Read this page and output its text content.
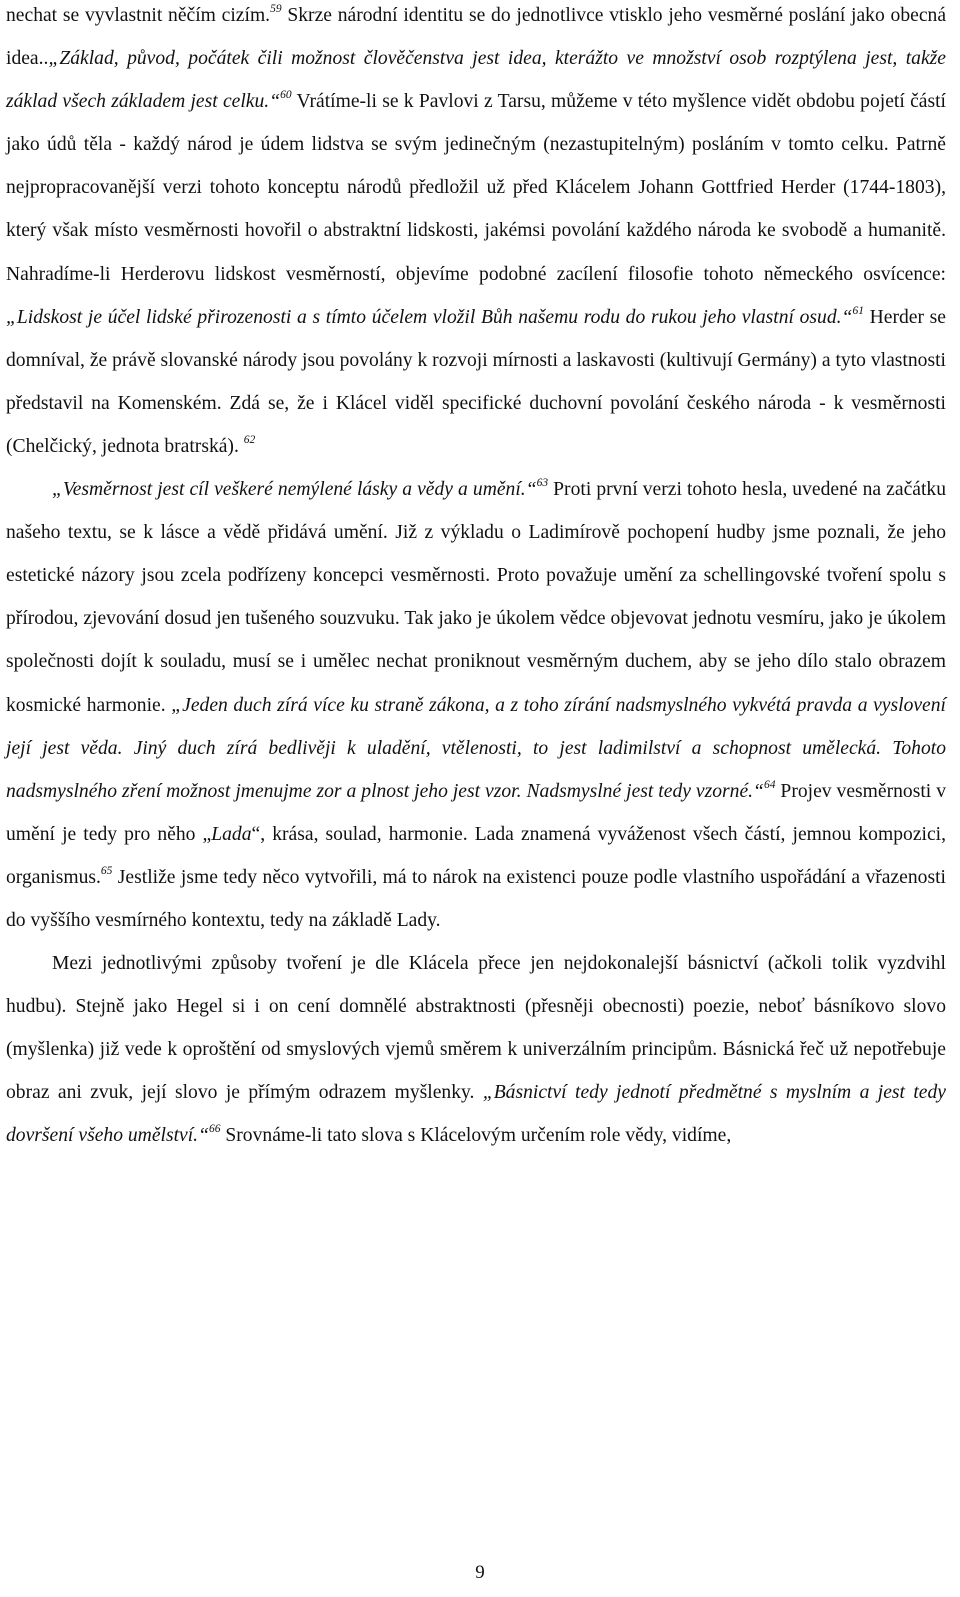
nechat se vyvlastnit něčím cizím.$^{59}$ Skrze národní identitu se do jednotlivce vtisklo jeho vesměrné poslání jako obecná idea..„Základ, původ, počátek čili možnost člověčenstva jest idea, kterážto ve množství osob rozptýlena jest, takže základ všech základem jest celku.“$^{60}$ Vrátíme-li se k Pavlovi z Tarsu, můžeme v této myšlence vidět obdobu pojetí částí jako údů těla - každý národ je údem lidstva se svým jedinečným (nezastupitelným) posláním v tomto celku. Patrně nejpropracovanější verzi tohoto konceptu národů předložil už před Klácelem Johann Gottfried Herder (1744-1803), který však místo vesměrnosti hovořil o abstraktní lidskosti, jakémsi povolání každého národa ke svobodě a humanitě. Nahradíme-li Herderovu lidskost vesměrností, objevíme podobné zacílení filosofie tohoto německého osvícence: „Lidskost je účel lidské přirozenosti a s tímto účelem vložil Bůh našemu rodu do rukou jeho vlastní osud.“$^{61}$ Herder se domníval, že právě slovanské národy jsou povolány k rozvoji mírnosti a laskavosti (kultivují Germány) a tyto vlastnosti představil na Komenském. Zdá se, že i Klácel viděl specifické duchovní povolání českého národa - k vesměrnosti (Chelčický, jednota bratrská). $^{62}$

„Vesměrnost jest cíl veškeré nemýlené lásky a vědy a umění.“$^{63}$ Proti první verzi tohoto hesla, uvedené na začátku našeho textu, se k lásce a vědě přidává umění. Již z výkladu o Ladimírově pochopení hudby jsme poznali, že jeho estetické názory jsou zcela podřízeny koncepci vesměrnosti. Proto považuje umění za schellingovské tvoření spolu s přírodou, zjevování dosud jen tušeného souzvuku. Tak jako je úkolem vědce objevovat jednotu vesmíru, jako je úkolem společnosti dojít k souladu, musí se i umělec nechat proniknout vesměrným duchem, aby se jeho dílo stalo obrazem kosmické harmonie. „Jeden duch zírá více ku straně zákona, a z toho zírání nadsmyslného vykvétá pravda a vyslovení její jest věda. Jiný duch zírá bedlivěji k uladění, vtělenosti, to jest ladimilství a schopnost umělecká. Tohoto nadsmyslného zření možnost jmenujme zor a plnost jeho jest vzor. Nadsmyslné jest tedy vzorné.“$^{64}$ Projev vesměrnosti v umění je tedy pro něho „Lada“, krása, soulad, harmonie. Lada znamená vyváženost všech částí, jemnou kompozici, organismus.$^{65}$ Jestliže jsme tedy něco vytvořili, má to nárok na existenci pouze podle vlastního uspořádání a vřazenosti do vyššího vesmírného kontextu, tedy na základě Lady.

Mezi jednotlivými způsoby tvoření je dle Klácela přece jen nejdokonalejší básnictví (ačkoli tolik vyzdvihl hudbu). Stejně jako Hegel si i on cení domnělé abstraktnosti (přesněji obecnosti) poezie, neboť básníkovo slovo (myšlenka) již vede k oproštění od smyslových vjemů směrem k univerzálním principům. Básnická řeč už nepotřebuje obraz ani zvuk, její slovo je přímým odrazem myšlenky. „Básnictví tedy jednotí předmětné s myslním a jest tedy dovršení všeho umělství.“$^{66}$ Srovnáme-li tato slova s Klácelovým určením role vědy, vidíme,

9
